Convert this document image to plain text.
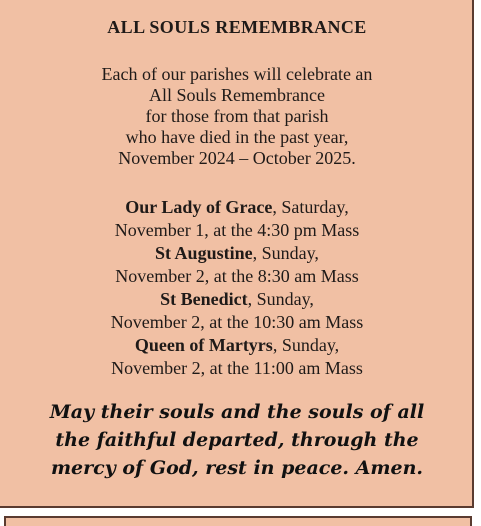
ALL SOULS REMEMBRANCE
Each of our parishes will celebrate an
All Souls Remembrance
for those from that parish
who have died in the past year,
November 2024 – October 2025.
Our Lady of Grace, Saturday,
November 1, at the 4:30 pm Mass
St Augustine, Sunday,
November 2, at the 8:30 am Mass
St Benedict, Sunday,
November 2, at the 10:30 am Mass
Queen of Martyrs, Sunday,
November 2, at the 11:00 am Mass
May their souls and the souls of all
the faithful departed, through the
mercy of God, rest in peace. Amen.
